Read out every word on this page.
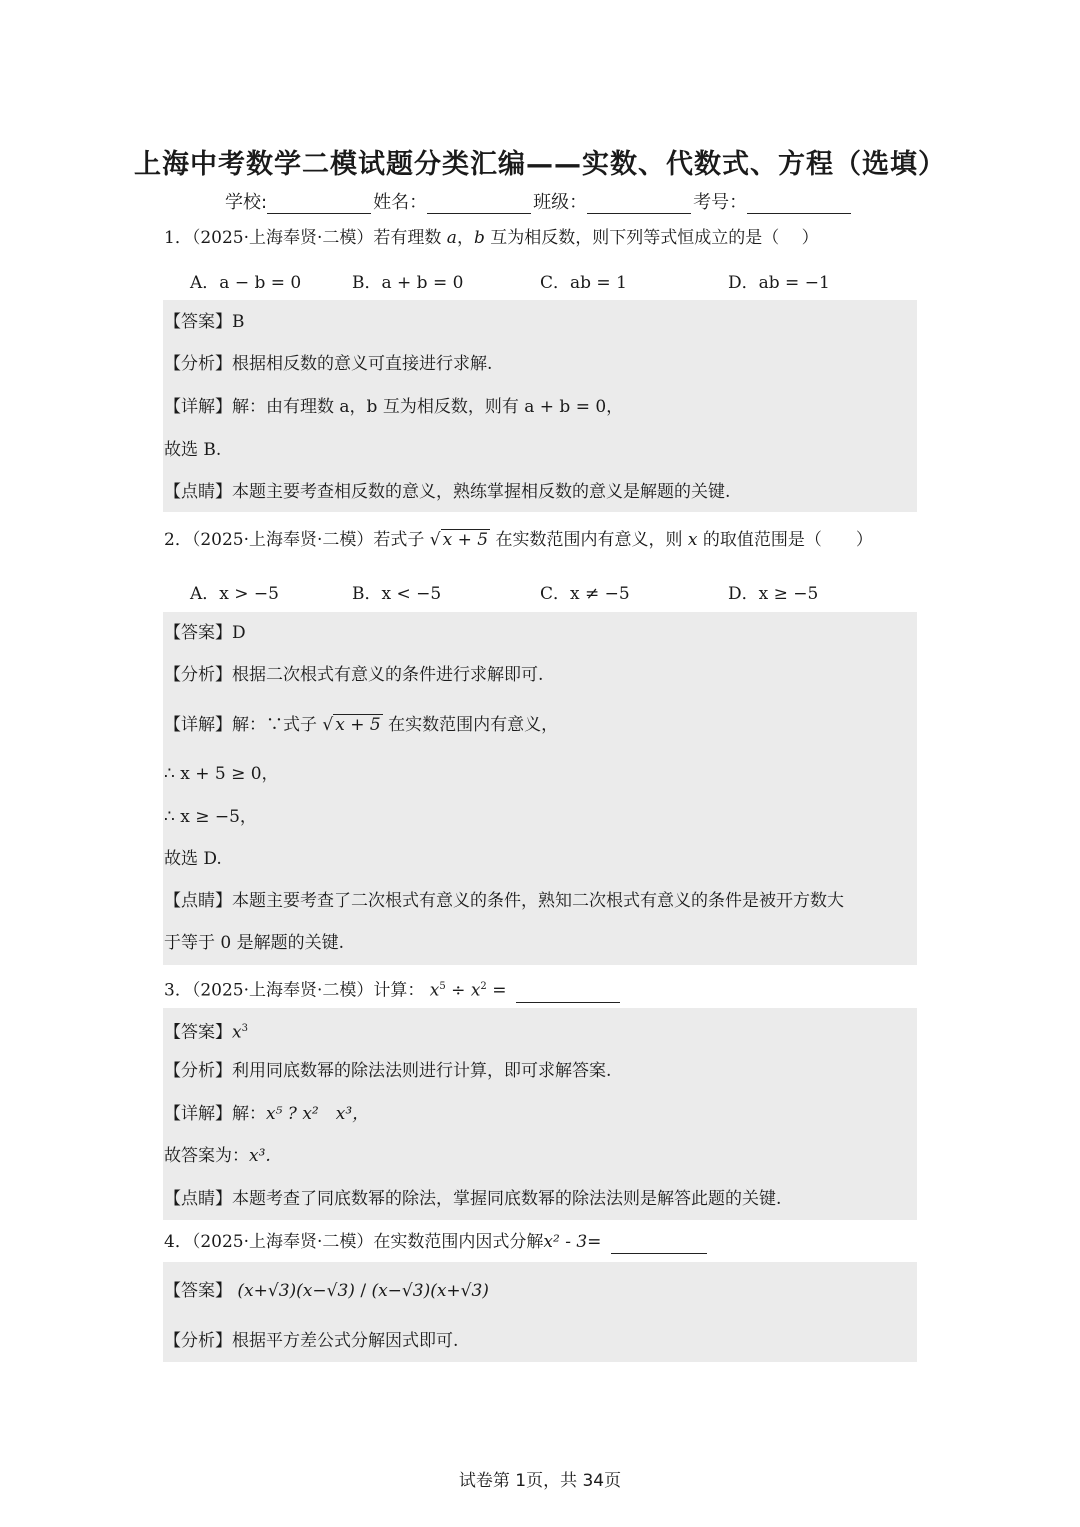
上海中考数学二模试题分类汇编——实数、代数式、方程（选填）
学校:	姓名：	班级：	考号：
1．（2025·上海奉贤·二模）若有理数 a，b 互为相反数，则下列等式恒成立的是（　 ）
A．a − b = 0	B．a + b = 0	C．ab = 1	D．ab = −1
【答案】B
【分析】根据相反数的意义可直接进行求解.
【详解】解：由有理数 a，b 互为相反数，则有 a + b = 0，
故选 B.
【点睛】本题主要考查相反数的意义，熟练掌握相反数的意义是解题的关键.
2．（2025·上海奉贤·二模）若式子 √ x + 5 在实数范围内有意义，则 x 的取值范围是（　　）
A．x > −5	B．x < −5	C．x ≠ −5	D．x ≥ −5
【答案】D
【分析】根据二次根式有意义的条件进行求解即可.
【详解】解：∵式子 √ x + 5 在实数范围内有意义，
∴ x + 5 ≥ 0，
∴ x ≥ −5，
故选 D.
【点睛】本题主要考查了二次根式有意义的条件，熟知二次根式有意义的条件是被开方数大
于等于 0 是解题的关键.
3．（2025·上海奉贤·二模）计算： $x^5 \div x^2$ =
【答案】$x^3$
【分析】利用同底数幂的除法法则进行计算，即可求解答案.
【详解】解：x⁵ ? x²　x³，
故答案为：x³.
【点睛】本题考查了同底数幂的除法，掌握同底数幂的除法法则是解答此题的关键.
4．（2025·上海奉贤·二模）在实数范围内因式分解x² - 3=
【答案】 (x+√3)(x−√3) / (x−√3)(x+√3)
【分析】根据平方差公式分解因式即可.
试卷第 1页，共 34页
